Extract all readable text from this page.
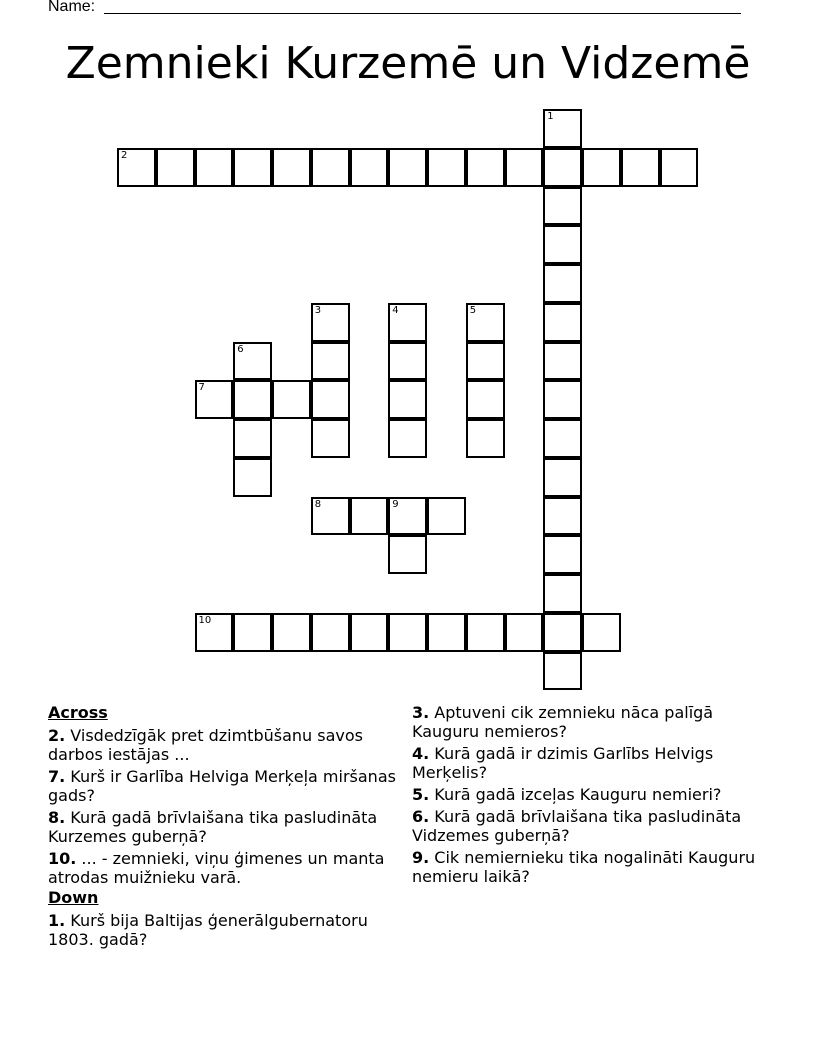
Name:
Zemnieki Kurzemē un Vidzemē
1
2
3	4	5
6
7
8	9
10
Across
2. Visdedzīgāk pret dzimtbūšanu savos darbos iestājas ...
7. Kurš ir Garlība Helviga Merķeļa miršanas gads?
8. Kurā gadā brīvlaišana tika pasludināta Kurzemes guberņā?
10. ... - zemnieki, viņu ģimenes un manta atrodas muižnieku varā.
Down
1. Kurš bija Baltijas ģenerālgubernatoru 1803. gadā?
3. Aptuveni cik zemnieku nāca palīgā Kauguru nemieros?
4. Kurā gadā ir dzimis Garlībs Helvigs Merķelis?
5. Kurā gadā izceļas Kauguru nemieri?
6. Kurā gadā brīvlaišana tika pasludināta Vidzemes guberņā?
9. Cik nemiernieku tika nogalināti Kauguru nemieru laikā?
